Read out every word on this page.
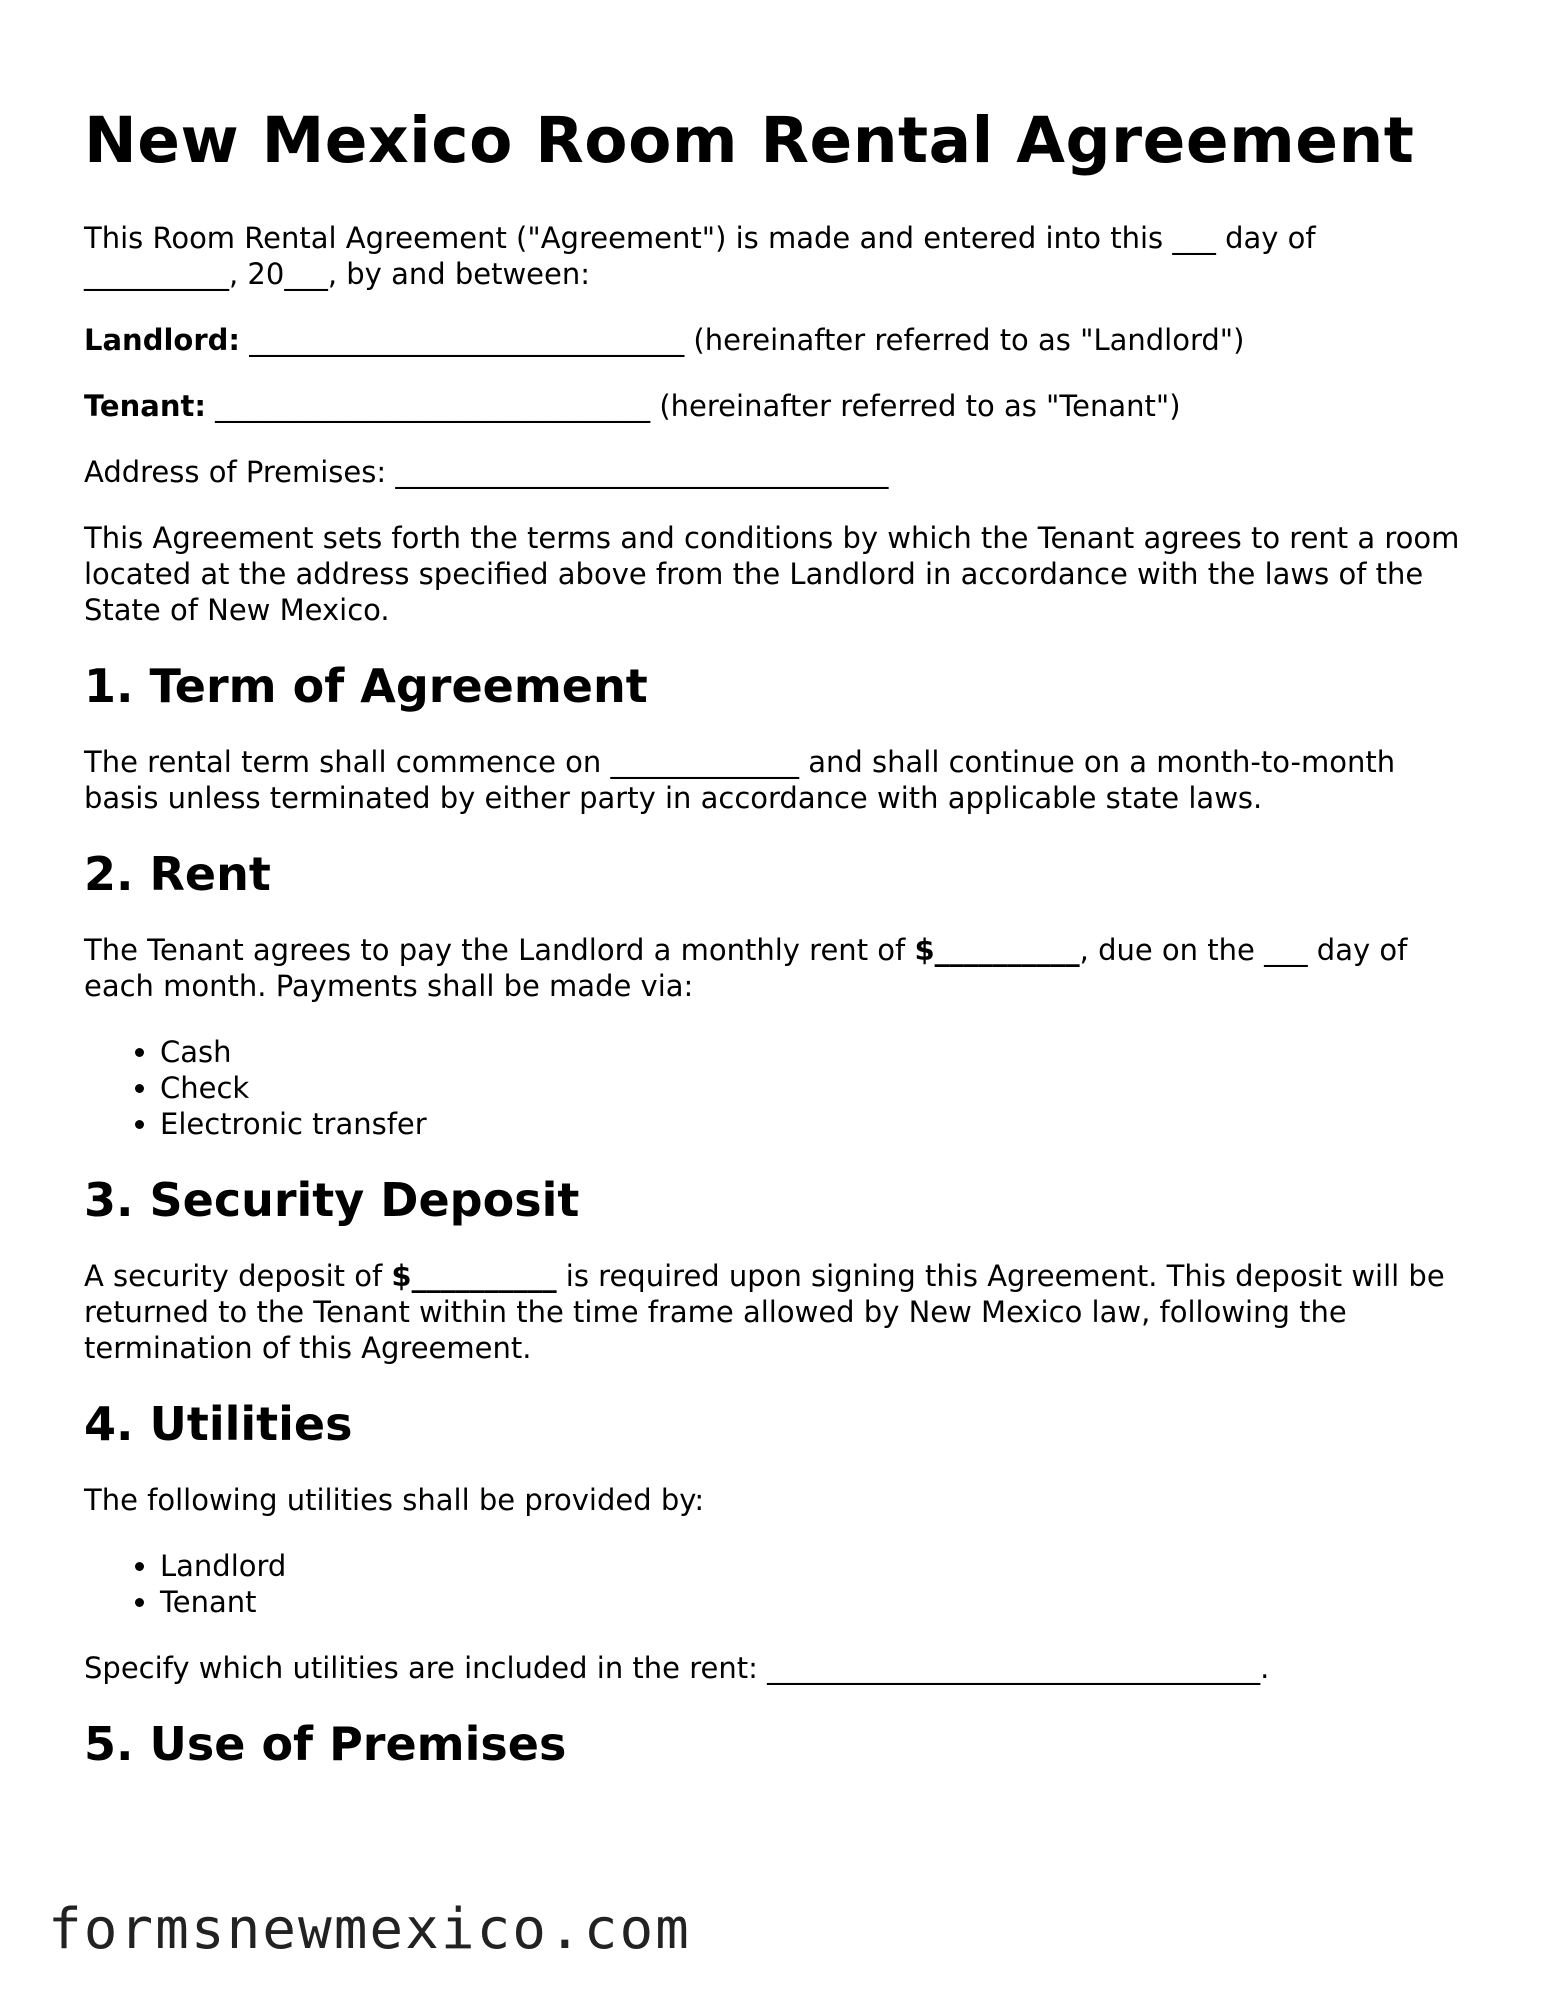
New Mexico Room Rental Agreement

This Room Rental Agreement ("Agreement") is made and entered into this ___ day of __________, 20___, by and between:

Landlord: ______________________________ (hereinafter referred to as "Landlord")

Tenant: ______________________________ (hereinafter referred to as "Tenant")

Address of Premises: __________________________________

This Agreement sets forth the terms and conditions by which the Tenant agrees to rent a room located at the address specified above from the Landlord in accordance with the laws of the State of New Mexico.

1. Term of Agreement

The rental term shall commence on _____________ and shall continue on a month-to-month basis unless terminated by either party in accordance with applicable state laws.

2. Rent

The Tenant agrees to pay the Landlord a monthly rent of $__________, due on the ___ day of each month. Payments shall be made via:

• Cash
• Check
• Electronic transfer
3. Security Deposit

A security deposit of $__________ is required upon signing this Agreement. This deposit will be returned to the Tenant within the time frame allowed by New Mexico law, following the termination of this Agreement.

4. Utilities

The following utilities shall be provided by:

• Landlord
• Tenant

Specify which utilities are included in the rent: __________________________________.

5. Use of Premises
formsnewmexico.com
